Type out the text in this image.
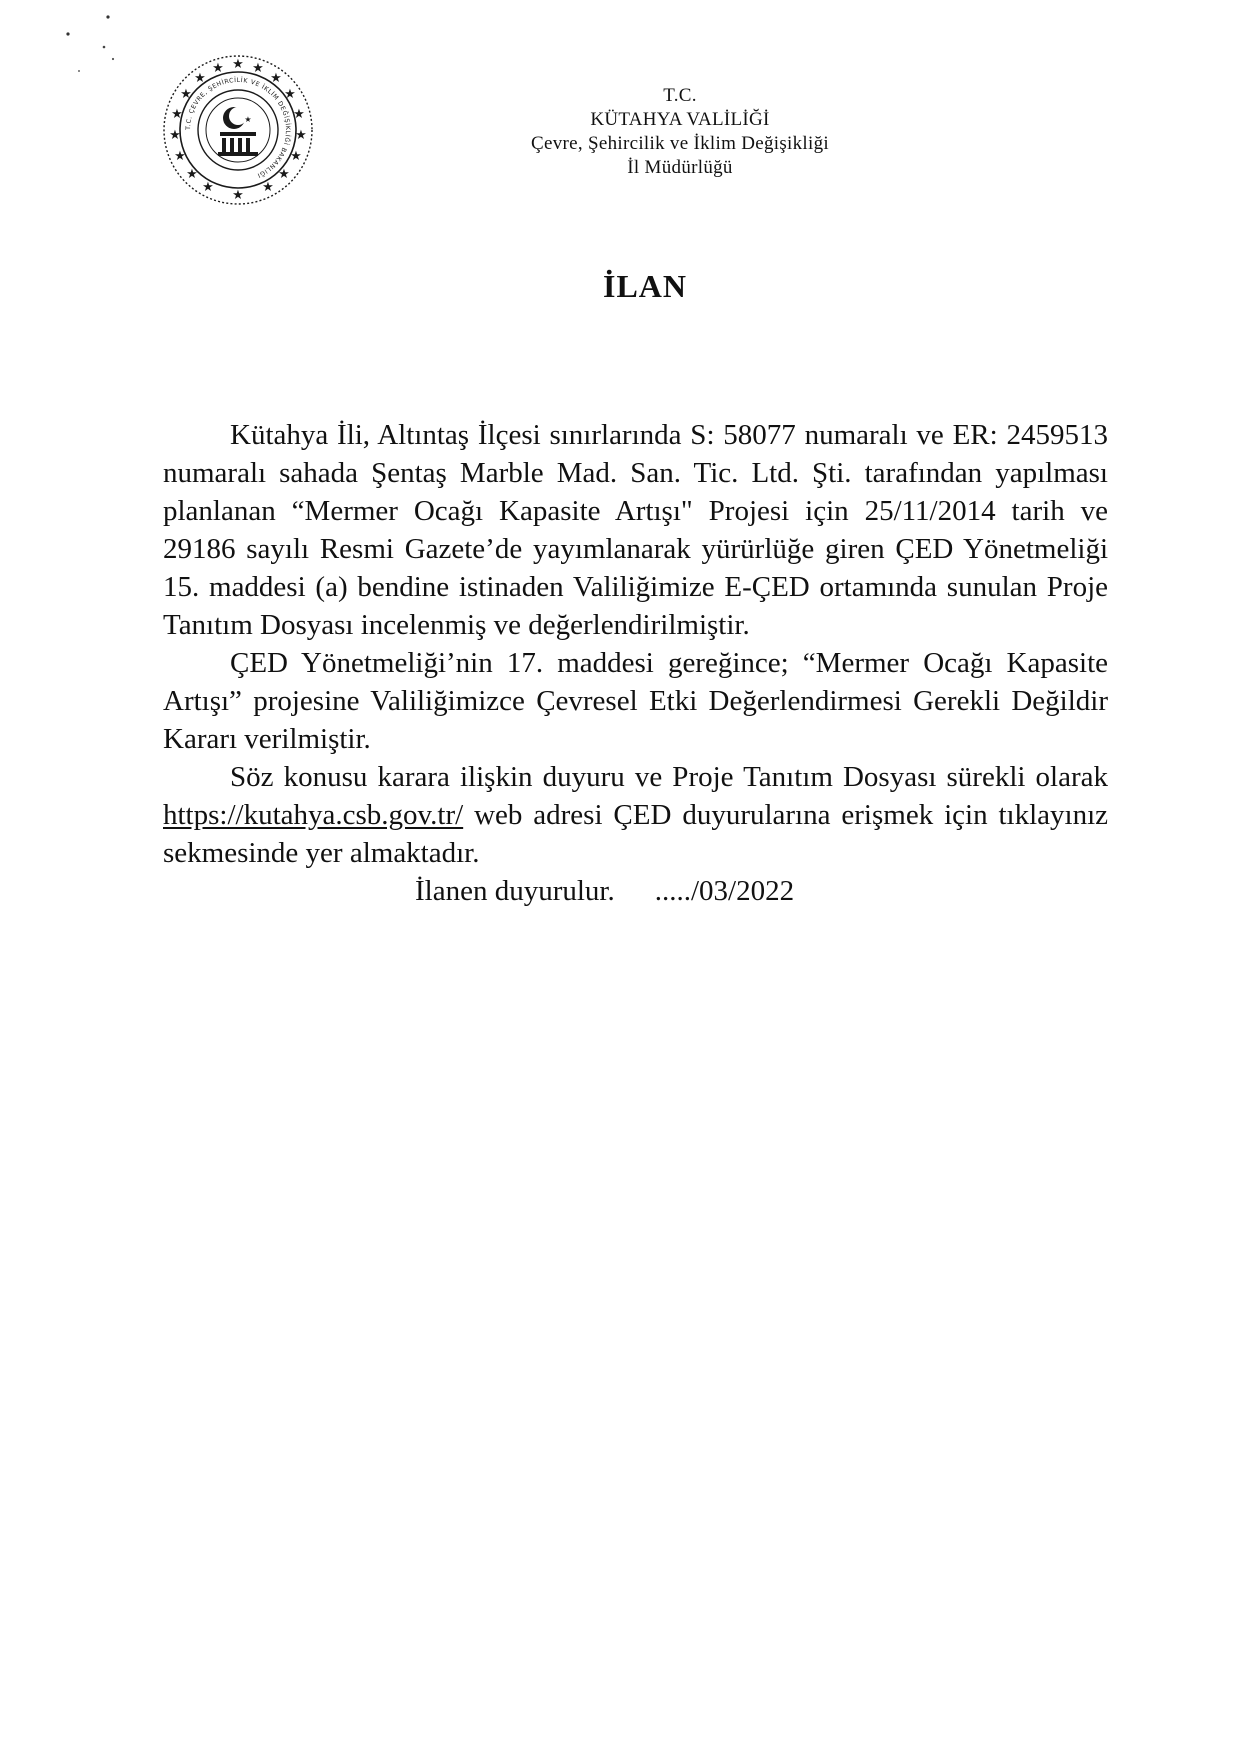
★
★ ★
★	★
★	★
★	★
★	★
★	★
★	★
★	★
★
T.C. ÇEVRE, ŞEHİRCİLİK VE İKLİM DEĞİŞİKLİĞİ BAKANLIĞI
★
T.C.
KÜTAHYA VALİLİĞİ
Çevre, Şehircilik ve İklim Değişikliği
İl Müdürlüğü
İLAN

Kütahya İli, Altıntaş İlçesi sınırlarında S: 58077 numaralı ve ER: 2459513 numaralı sahada Şentaş Marble Mad. San. Tic. Ltd. Şti. tarafından yapılması planlanan “Mermer Ocağı Kapasite Artışı" Projesi için 25/11/2014 tarih ve 29186 sayılı Resmi Gazete’de yayımlanarak yürürlüğe giren ÇED Yönetmeliği 15. maddesi (a) bendine istinaden Valiliğimize E-ÇED ortamında sunulan Proje Tanıtım Dosyası incelenmiş ve değerlendirilmiştir.

ÇED Yönetmeliği’nin 17. maddesi gereğince; “Mermer Ocağı Kapasite Artışı” projesine Valiliğimizce Çevresel Etki Değerlendirmesi Gerekli Değildir Kararı verilmiştir.

Söz konusu karara ilişkin duyuru ve Proje Tanıtım Dosyası sürekli olarak https://kutahya.csb.gov.tr/ web adresi ÇED duyurularına erişmek için tıklayınız sekmesinde yer almaktadır.

İlanen duyurulur. ...../03/2022
